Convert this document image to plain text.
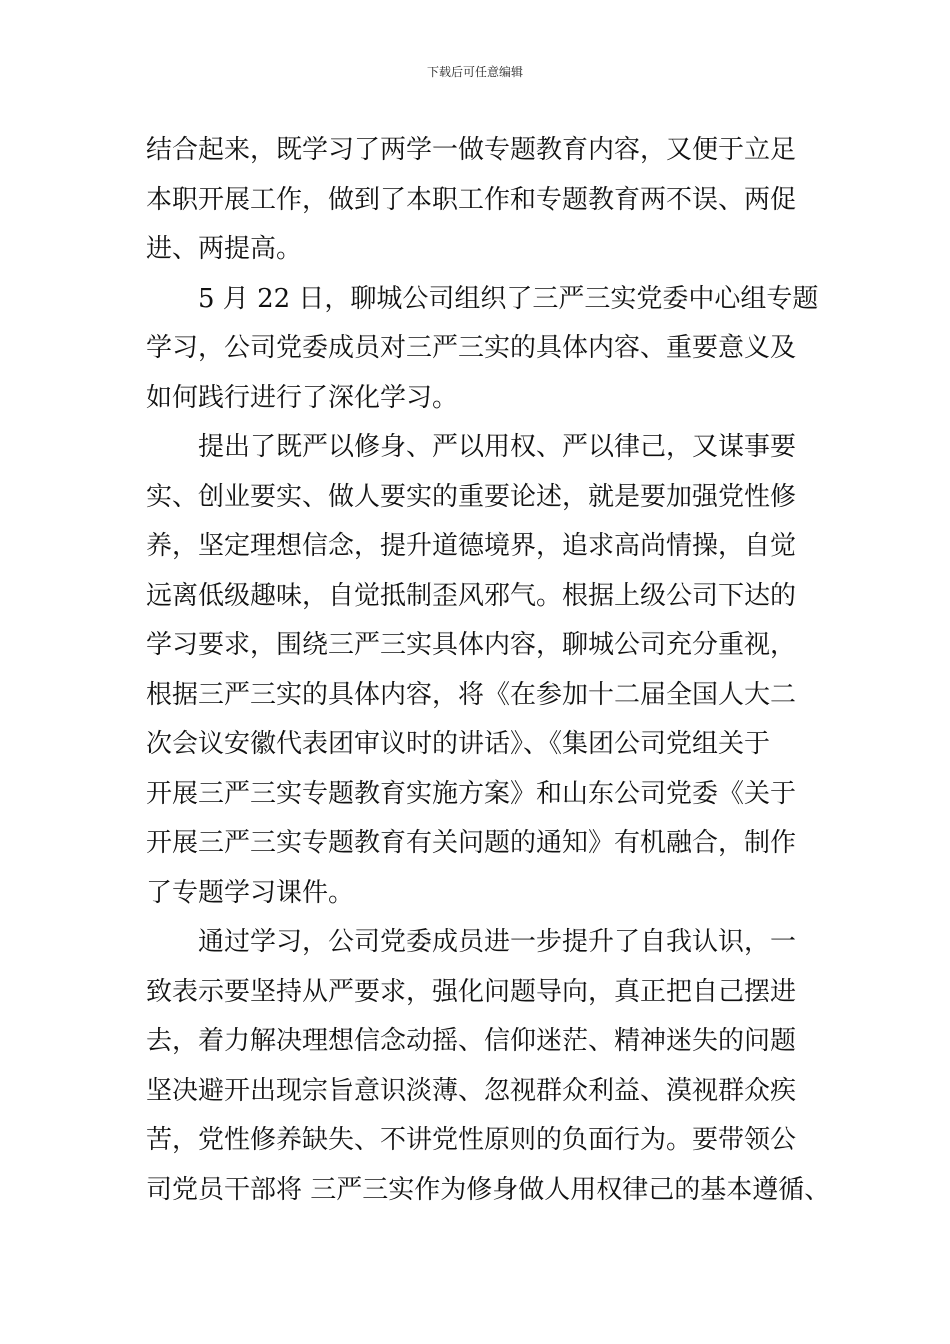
下载后可任意编辑
结合起来，既学习了两学一做专题教育内容，又便于立足
本职开展工作，做到了本职工作和专题教育两不误、两促
进、两提高。
5 月 22 日，聊城公司组织了三严三实党委中心组专题
学习，公司党委成员对三严三实的具体内容、重要意义及
如何践行进行了深化学习。
提出了既严以修身、严以用权、严以律己，又谋事要
实、创业要实、做人要实的重要论述，就是要加强党性修
养，坚定理想信念，提升道德境界，追求高尚情操，自觉
远离低级趣味，自觉抵制歪风邪气。根据上级公司下达的
学习要求，围绕三严三实具体内容，聊城公司充分重视，
根据三严三实的具体内容，将《在参加十二届全国人大二
次会议安徽代表团审议时的讲话》、《集团公司党组关于
开展三严三实专题教育实施方案》和山东公司党委《关于
开展三严三实专题教育有关问题的通知》有机融合，制作
了专题学习课件。
通过学习，公司党委成员进一步提升了自我认识，一
致表示要坚持从严要求，强化问题导向，真正把自己摆进
去，着力解决理想信念动摇、信仰迷茫、精神迷失的问题
坚决避开出现宗旨意识淡薄、忽视群众利益、漠视群众疾
苦，党性修养缺失、不讲党性原则的负面行为。要带领公
司党员干部将 三严三实作为修身做人用权律己的基本遵循、
